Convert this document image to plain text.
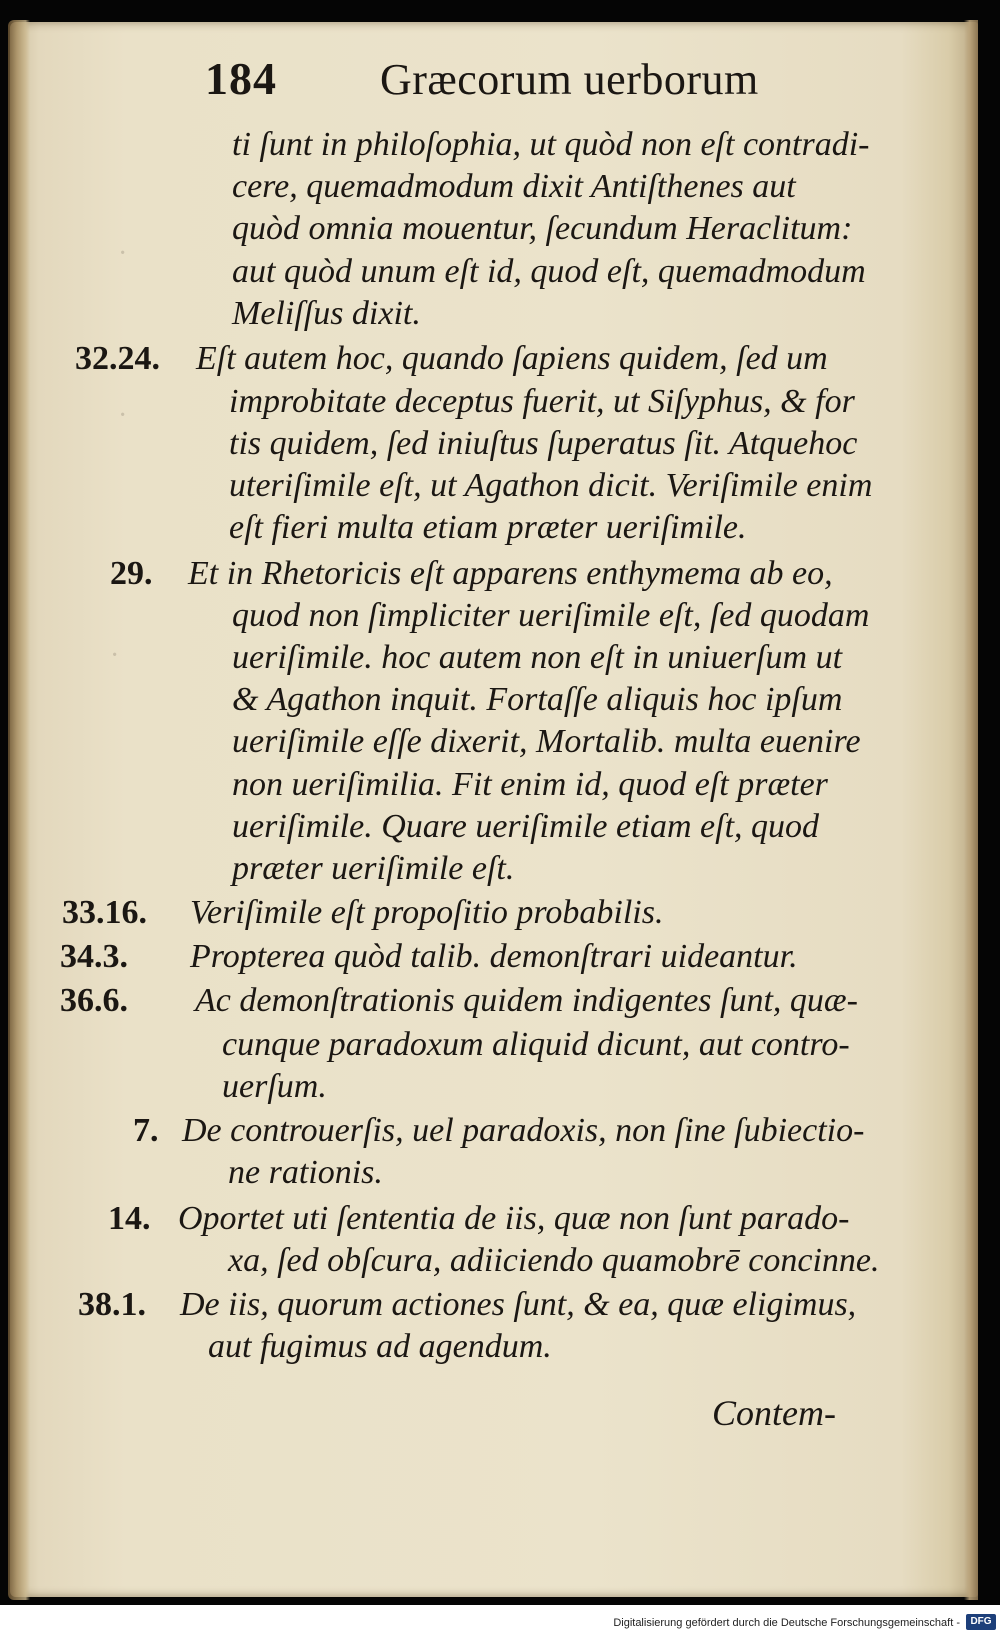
·
·
·
184 Græcorum uerborum
ti ſunt in philoſophia, ut quòd non eſt contradi-
cere, quemadmodum dixit Antiſthenes aut
quòd omnia mouentur, ſecundum Heraclitum:
aut quòd unum eſt id, quod eſt, quemadmodum
Meliſſus dixit.
32.24. Eſt autem hoc, quando ſapiens quidem, ſed um
improbitate deceptus fuerit, ut Siſyphus, & for
tis quidem, ſed iniuſtus ſuperatus ſit. Atquehoc
uteriſimile eſt, ut Agathon dicit. Veriſimile enim
eſt fieri multa etiam præter ueriſimile.
29. Et in Rhetoricis eſt apparens enthymema ab eo,
quod non ſimpliciter ueriſimile eſt, ſed quodam
ueriſimile. hoc autem non eſt in uniuerſum ut
& Agathon inquit. Fortaſſe aliquis hoc ipſum
ueriſimile eſſe dixerit, Mortalib. multa euenire
non ueriſimilia. Fit enim id, quod eſt præter
ueriſimile. Quare ueriſimile etiam eſt, quod
præter ueriſimile eſt.
33.16. Veriſimile eſt propoſitio probabilis.
34.3. Propterea quòd talib. demonſtrari uideantur.
36.6. Ac demonſtrationis quidem indigentes ſunt, quæ-
cunque paradoxum aliquid dicunt, aut contro-
uerſum.
7. De controuerſis, uel paradoxis, non ſine ſubiectio-
ne rationis.
14. Oportet uti ſententia de iis, quæ non ſunt parado-
xa, ſed obſcura, adiiciendo quamobrē concinne.
38.1. De iis, quorum actiones ſunt, & ea, quæ eligimus,
aut fugimus ad agendum.
Contem-
Digitalisierung gefördert durch die Deutsche Forschungsgemeinschaft -	DFG
